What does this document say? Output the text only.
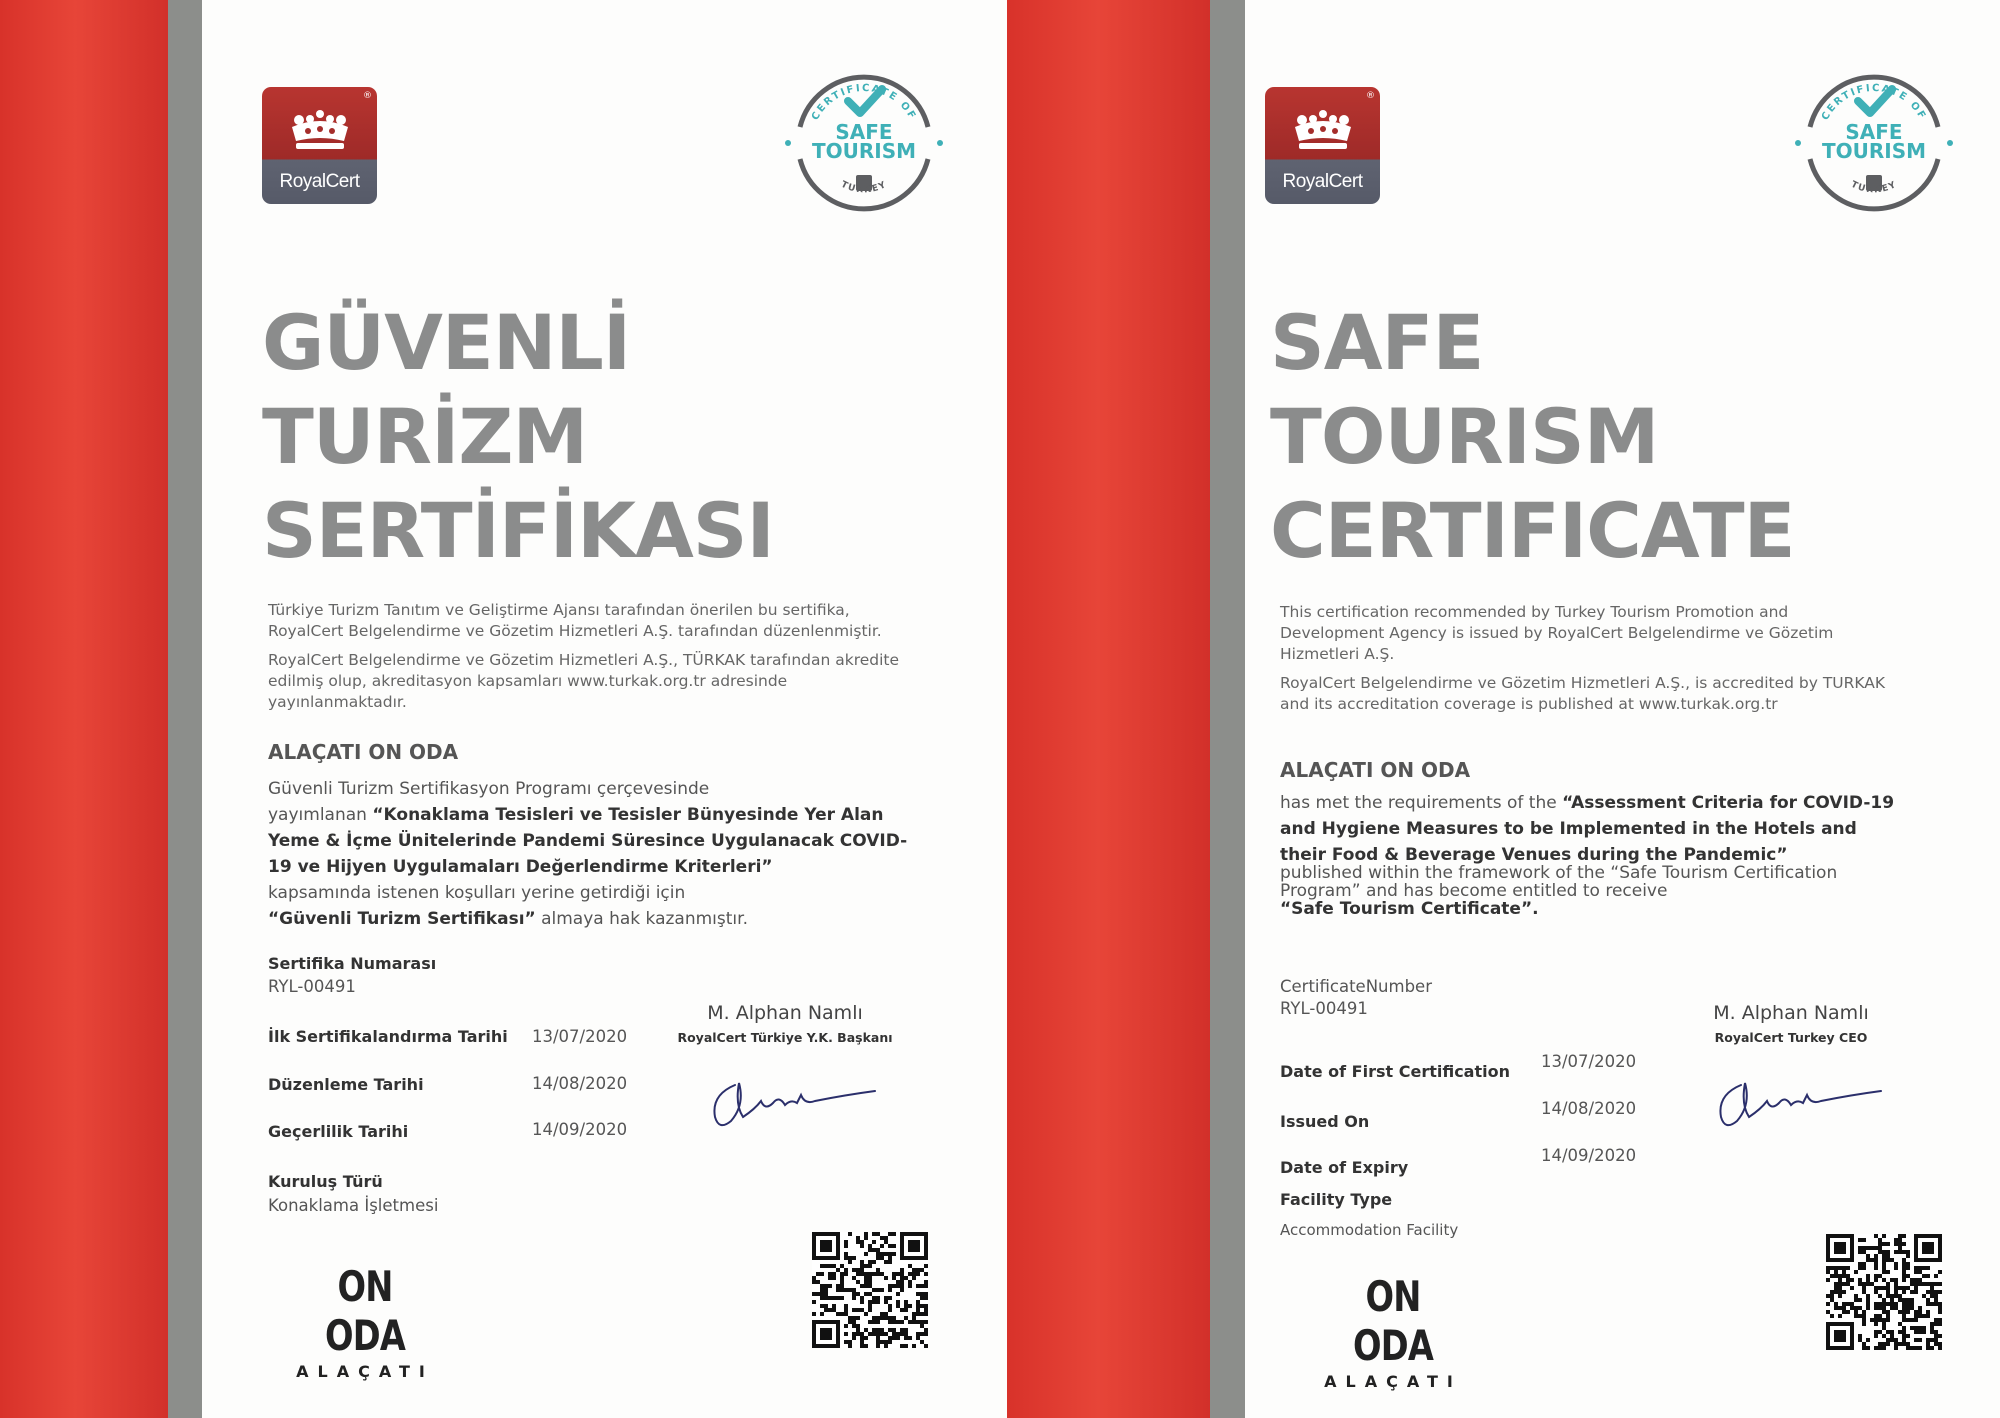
®
RoyalCert
CERTIFICATE OF
SAFE
TOURISM
TURKEY
GÜVENLİ
TURİZM
SERTİFİKASI

Türkiye Turizm Tanıtım ve Geliştirme Ajansı tarafından önerilen bu sertifika, RoyalCert Belgelendirme ve Gözetim Hizmetleri A.Ş. tarafından düzenlenmiştir.

RoyalCert Belgelendirme ve Gözetim Hizmetleri A.Ş., TÜRKAK tarafından akredite edilmiş olup, akreditasyon kapsamları www.turkak.org.tr adresinde yayınlanmaktadır.

ALAÇATI ON ODA
Güvenli Turizm Sertifikasyon Programı çerçevesinde
yayımlanan “Konaklama Tesisleri ve Tesisler Bünyesinde Yer Alan Yeme & İçme Ünitelerinde Pandemi Süresince Uygulanacak COVID-19 ve Hijyen Uygulamaları Değerlendirme Kriterleri”
kapsamında istenen koşulları yerine getirdiği için
“Güvenli Turizm Sertifikası” almaya hak kazanmıştır.
Sertifika Numarası
RYL-00491
İlk Sertifikalandırma Tarihi 13/07/2020
Düzenleme Tarihi	14/08/2020
Geçerlilik Tarihi	14/09/2020
Kuruluş Türü
Konaklama İşletmesi
M. Alphan Namlı
RoyalCert Türkiye Y.K. Başkanı
ON ODA
ALAÇATI
®
RoyalCert
CERTIFICATE OF
SAFE
TOURISM
TURKEY
SAFE
TOURISM
CERTIFICATE

This certification recommended by Turkey Tourism Promotion and Development Agency is issued by RoyalCert Belgelendirme ve Gözetim Hizmetleri A.Ş.

RoyalCert Belgelendirme ve Gözetim Hizmetleri A.Ş., is accredited by TURKAK and its accreditation coverage is published at www.turkak.org.tr

ALAÇATI ON ODA
has met the requirements of the “Assessment Criteria for COVID-19 and Hygiene Measures to be Implemented in the Hotels and their Food & Beverage Venues during the Pandemic”
published within the framework of the “Safe Tourism Certification Program” and has become entitled to receive
“Safe Tourism Certificate”.
CertificateNumber
RYL-00491
Date of First Certification
13/07/2020
Issued On
14/08/2020
Date of Expiry
14/09/2020
Facility Type
Accommodation Facility
M. Alphan Namlı
RoyalCert Turkey CEO
ON ODA
ALAÇATI
